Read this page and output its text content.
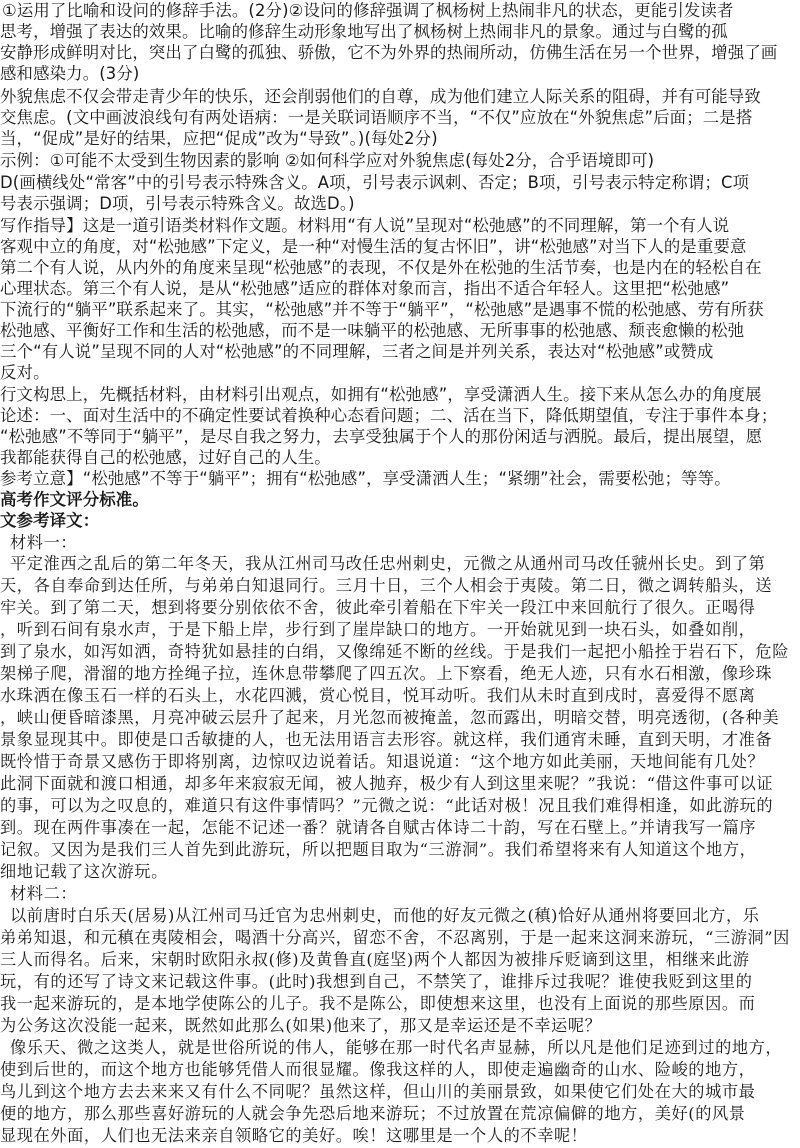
①运用了比喻和设问的修辞手法。(2分)②设问的修辞强调了枫杨树上热闹非凡的状态，更能引发读者
思考，增强了表达的效果。比喻的修辞生动形象地写出了枫杨树上热闹非凡的景象。通过与白鹭的孤
安静形成鲜明对比，突出了白鹭的孤独、骄傲，它不为外界的热闹所动，仿佛生活在另一个世界，增强了画
感和感染力。(3分)
外貌焦虑不仅会带走青少年的快乐，还会削弱他们的自尊，成为他们建立人际关系的阻碍，并有可能导致
交焦虑。(文中画波浪线句有两处语病：一是关联词语顺序不当，“不仅”应放在“外貌焦虑”后面；二是搭
当，“促成”是好的结果，应把“促成”改为“导致”。)(每处2分)
示例：①可能不太受到生物因素的影响 ②如何科学应对外貌焦虑(每处2分，合乎语境即可)
D(画横线处“常客”中的引号表示特殊含义。A项，引号表示讽刺、否定；B项，引号表示特定称谓；C项
号表示强调；D项，引号表示特殊含义。故选D。)
写作指导】这是一道引语类材料作文题。材料用“有人说”呈现对“松弛感”的不同理解，第一个有人说
客观中立的角度，对“松弛感”下定义，是一种“对慢生活的复古怀旧”，讲“松弛感”对当下人的是重要意
第二个有人说，从内外的角度来呈现“松弛感”的表现，不仅是外在松弛的生活节奏，也是内在的轻松自在
心理状态。第三个有人说，是从“松弛感”适应的群体对象而言，指出不适合年轻人。这里把“松弛感”
下流行的“躺平”联系起来了。其实，“松弛感”并不等于“躺平”，“松弛感”是遇事不慌的松弛感、劳有所获
松弛感、平衡好工作和生活的松弛感，而不是一味躺平的松弛感、无所事事的松弛感、颓丧愈懒的松弛
三个“有人说”呈现不同的人对“松弛感”的不同理解，三者之间是并列关系，表达对“松弛感”或赞成
反对。
行文构思上，先概括材料，由材料引出观点，如拥有“松弛感”，享受潇洒人生。接下来从怎么办的角度展
论述：一、面对生活中的不确定性要试着换种心态看问题；二、活在当下，降低期望值，专注于事件本身；
“松弛感”不等同于“躺平”，是尽自我之努力，去享受独属于个人的那份闲适与洒脱。最后，提出展望，愿
我都能获得自己的松弛感，过好自己的人生。
参考立意】“松弛感”不等于“躺平”；拥有“松弛感”，享受潇洒人生；“紧绷”社会，需要松弛；等等。
高考作文评分标准。
文参考译文：
材料一：
平定淮西之乱后的第二年冬天，我从江州司马改任忠州刺史，元微之从通州司马改任虢州长史。到了第
天，各自奉命到达任所，与弟弟白知退同行。三月十日，三个人相会于夷陵。第二日，微之调转船头，送
牢关。到了第二天，想到将要分别依依不舍，彼此牵引着船在下牢关一段江中来回航行了很久。正喝得
，听到石间有泉水声，于是下船上岸，步行到了崖岸缺口的地方。一开始就见到一块石头，如叠如削，
到了泉水，如泻如洒，奇特犹如悬挂的白绢，又像绵延不断的丝线。于是我们一起把小船拴于岩石下，危险
架梯子爬，滑溜的地方拴绳子拉，连休息带攀爬了四五次。上下察看，绝无人迹，只有水石相激，像珍珠
水珠洒在像玉石一样的石头上，水花四溅，赏心悦目，悦耳动听。我们从未时直到戌时，喜爱得不愿离
，峡山便昏暗漆黑，月亮冲破云层升了起来，月光忽而被掩盖，忽而露出，明暗交替，明亮透彻，(各种美
景象显现其中。即使是口舌敏捷的人，也无法用语言去形容。就这样，我们通宵未睡，直到天明，才准备
既怜惜于奇景又感伤于即将别离，边惊叹边说着话。知退说道：“这个地方如此美丽，天地间能有几处？
此洞下面就和渡口相通，却多年来寂寂无闻，被人抛弃，极少有人到这里来呢？”我说：“借这件事可以证
的事，可以为之叹息的，难道只有这件事情吗？”元微之说：“此话对极！况且我们难得相逢，如此游玩的
到。现在两件事凑在一起，怎能不记述一番？就请各自赋古体诗二十韵，写在石壁上。”并请我写一篇序
记叙。又因为是我们三人首先到此游玩，所以把题目取为“三游洞”。我们希望将来有人知道这个地方，
细地记载了这次游玩。
材料二：
以前唐时白乐天(居易)从江州司马迁官为忠州刺史，而他的好友元微之(稹)恰好从通州将要回北方，乐
弟弟知退，和元稹在夷陵相会，喝酒十分高兴，留恋不舍，不忍离别，于是一起来这洞来游玩，“三游洞”因
三人而得名。后来，宋朝时欧阳永叔(修)及黄鲁直(庭坚)两个人都因为被排斥贬谪到这里，相继来此游
玩，有的还写了诗文来记载这件事。(此时)我想到自己，不禁笑了，谁排斥过我呢？谁使我贬到这里的
我一起来游玩的，是本地学使陈公的儿子。我不是陈公，即使想来这里，也没有上面说的那些原因。而
为公务这次没能一起来，既然如此那么(如果)他来了，那又是幸运还是不幸运呢？
像乐天、微之这类人，就是世俗所说的伟人，能够在那一时代名声显赫，所以凡是他们足迹到过的地方，
使到后世的，而这个地方也能够凭借人而很显耀。像我这样的人，即使走遍幽奇的山水、险峻的地方，
鸟儿到这个地方去去来来又有什么不同呢？虽然这样，但山川的美丽景致，如果使它们处在大的城市最
便的地方，那么那些喜好游玩的人就会争先恐后地来游玩；不过放置在荒凉偏僻的地方，美好(的风景
显现在外面，人们也无法来亲自领略它的美好。唉！这哪里是一个人的不幸呢！
